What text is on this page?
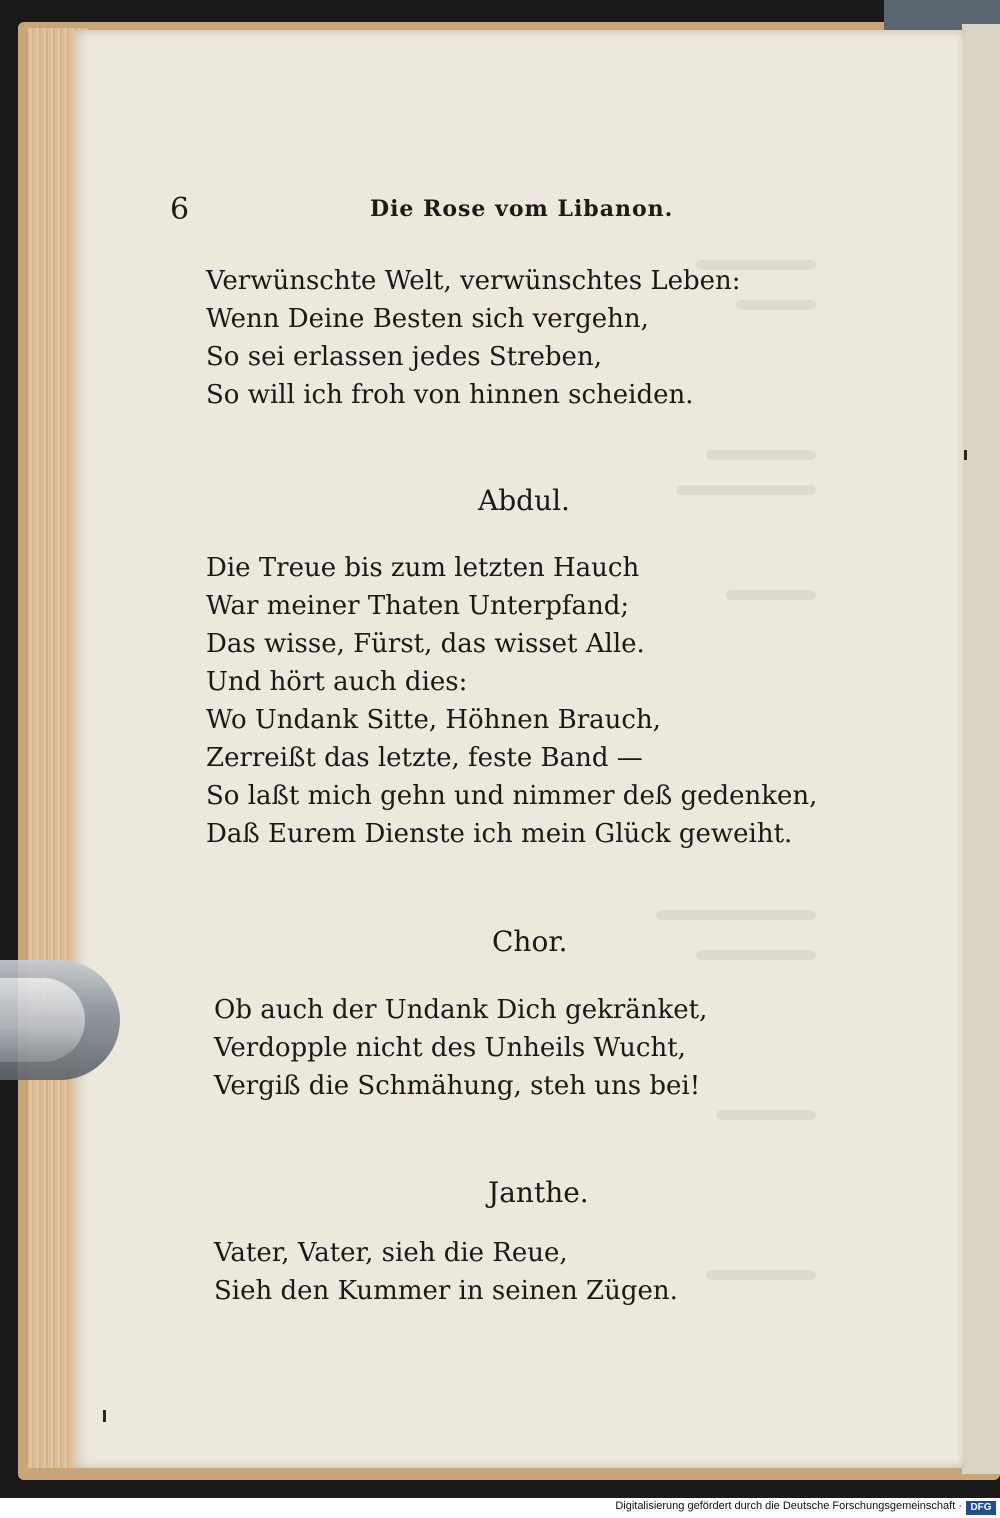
6	Die Rose vom Libanon.
Verwünschte Welt, verwünschtes Leben:
Wenn Deine Besten sich vergehn,
So sei erlassen jedes Streben,
So will ich froh von hinnen scheiden.
Abdul.
Die Treue bis zum letzten Hauch
War meiner Thaten Unterpfand;
Das wisse, Fürst, das wisset Alle.
Und hört auch dies:
Wo Undank Sitte, Höhnen Brauch,
Zerreißt das letzte, feste Band —
So laßt mich gehn und nimmer deß gedenken,
Daß Eurem Dienste ich mein Glück geweiht.
Chor.
Ob auch der Undank Dich gekränket,
Verdopple nicht des Unheils Wucht,
Vergiß die Schmähung, steh uns bei!
Janthe.
Vater, Vater, sieh die Reue,
Sieh den Kummer in seinen Zügen.
Digitalisierung gefördert durch die Deutsche Forschungsgemeinschaft · DFG
